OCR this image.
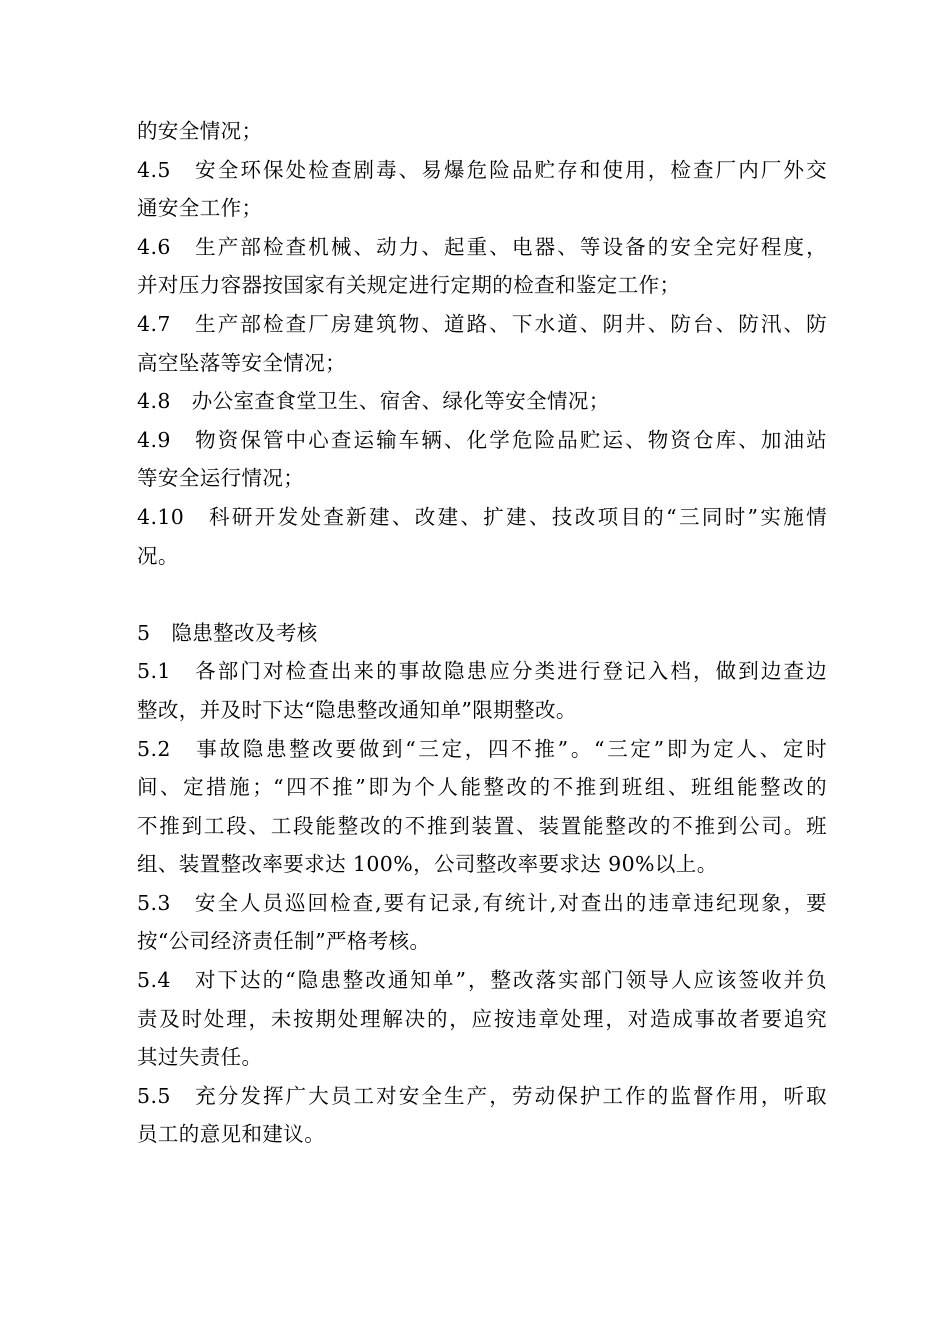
的安全情况；
4.5　安全环保处检查剧毒、易爆危险品贮存和使用，检查厂内厂外交
通安全工作；
4.6　生产部检查机械、动力、起重、电器、等设备的安全完好程度，
并对压力容器按国家有关规定进行定期的检查和鉴定工作；
4.7　生产部检查厂房建筑物、道路、下水道、阴井、防台、防汛、防
高空坠落等安全情况；
4.8　办公室查食堂卫生、宿舍、绿化等安全情况；
4.9　物资保管中心查运输车辆、化学危险品贮运、物资仓库、加油站
等安全运行情况；
4.10　科研开发处查新建、改建、扩建、技改项目的“三同时”实施情
况。
5　隐患整改及考核
5.1　各部门对检查出来的事故隐患应分类进行登记入档，做到边查边
整改，并及时下达“隐患整改通知单”限期整改。
5.2　事故隐患整改要做到“三定，四不推”。“三定”即为定人、定时
间、定措施；“四不推”即为个人能整改的不推到班组、班组能整改的
不推到工段、工段能整改的不推到装置、装置能整改的不推到公司。班
组、装置整改率要求达 100%，公司整改率要求达 90%以上。
5.3　安全人员巡回检查,要有记录,有统计,对查出的违章违纪现象，要
按“公司经济责任制”严格考核。
5.4　对下达的“隐患整改通知单”，整改落实部门领导人应该签收并负
责及时处理，未按期处理解决的，应按违章处理，对造成事故者要追究
其过失责任。
5.5　充分发挥广大员工对安全生产，劳动保护工作的监督作用，听取
员工的意见和建议。
